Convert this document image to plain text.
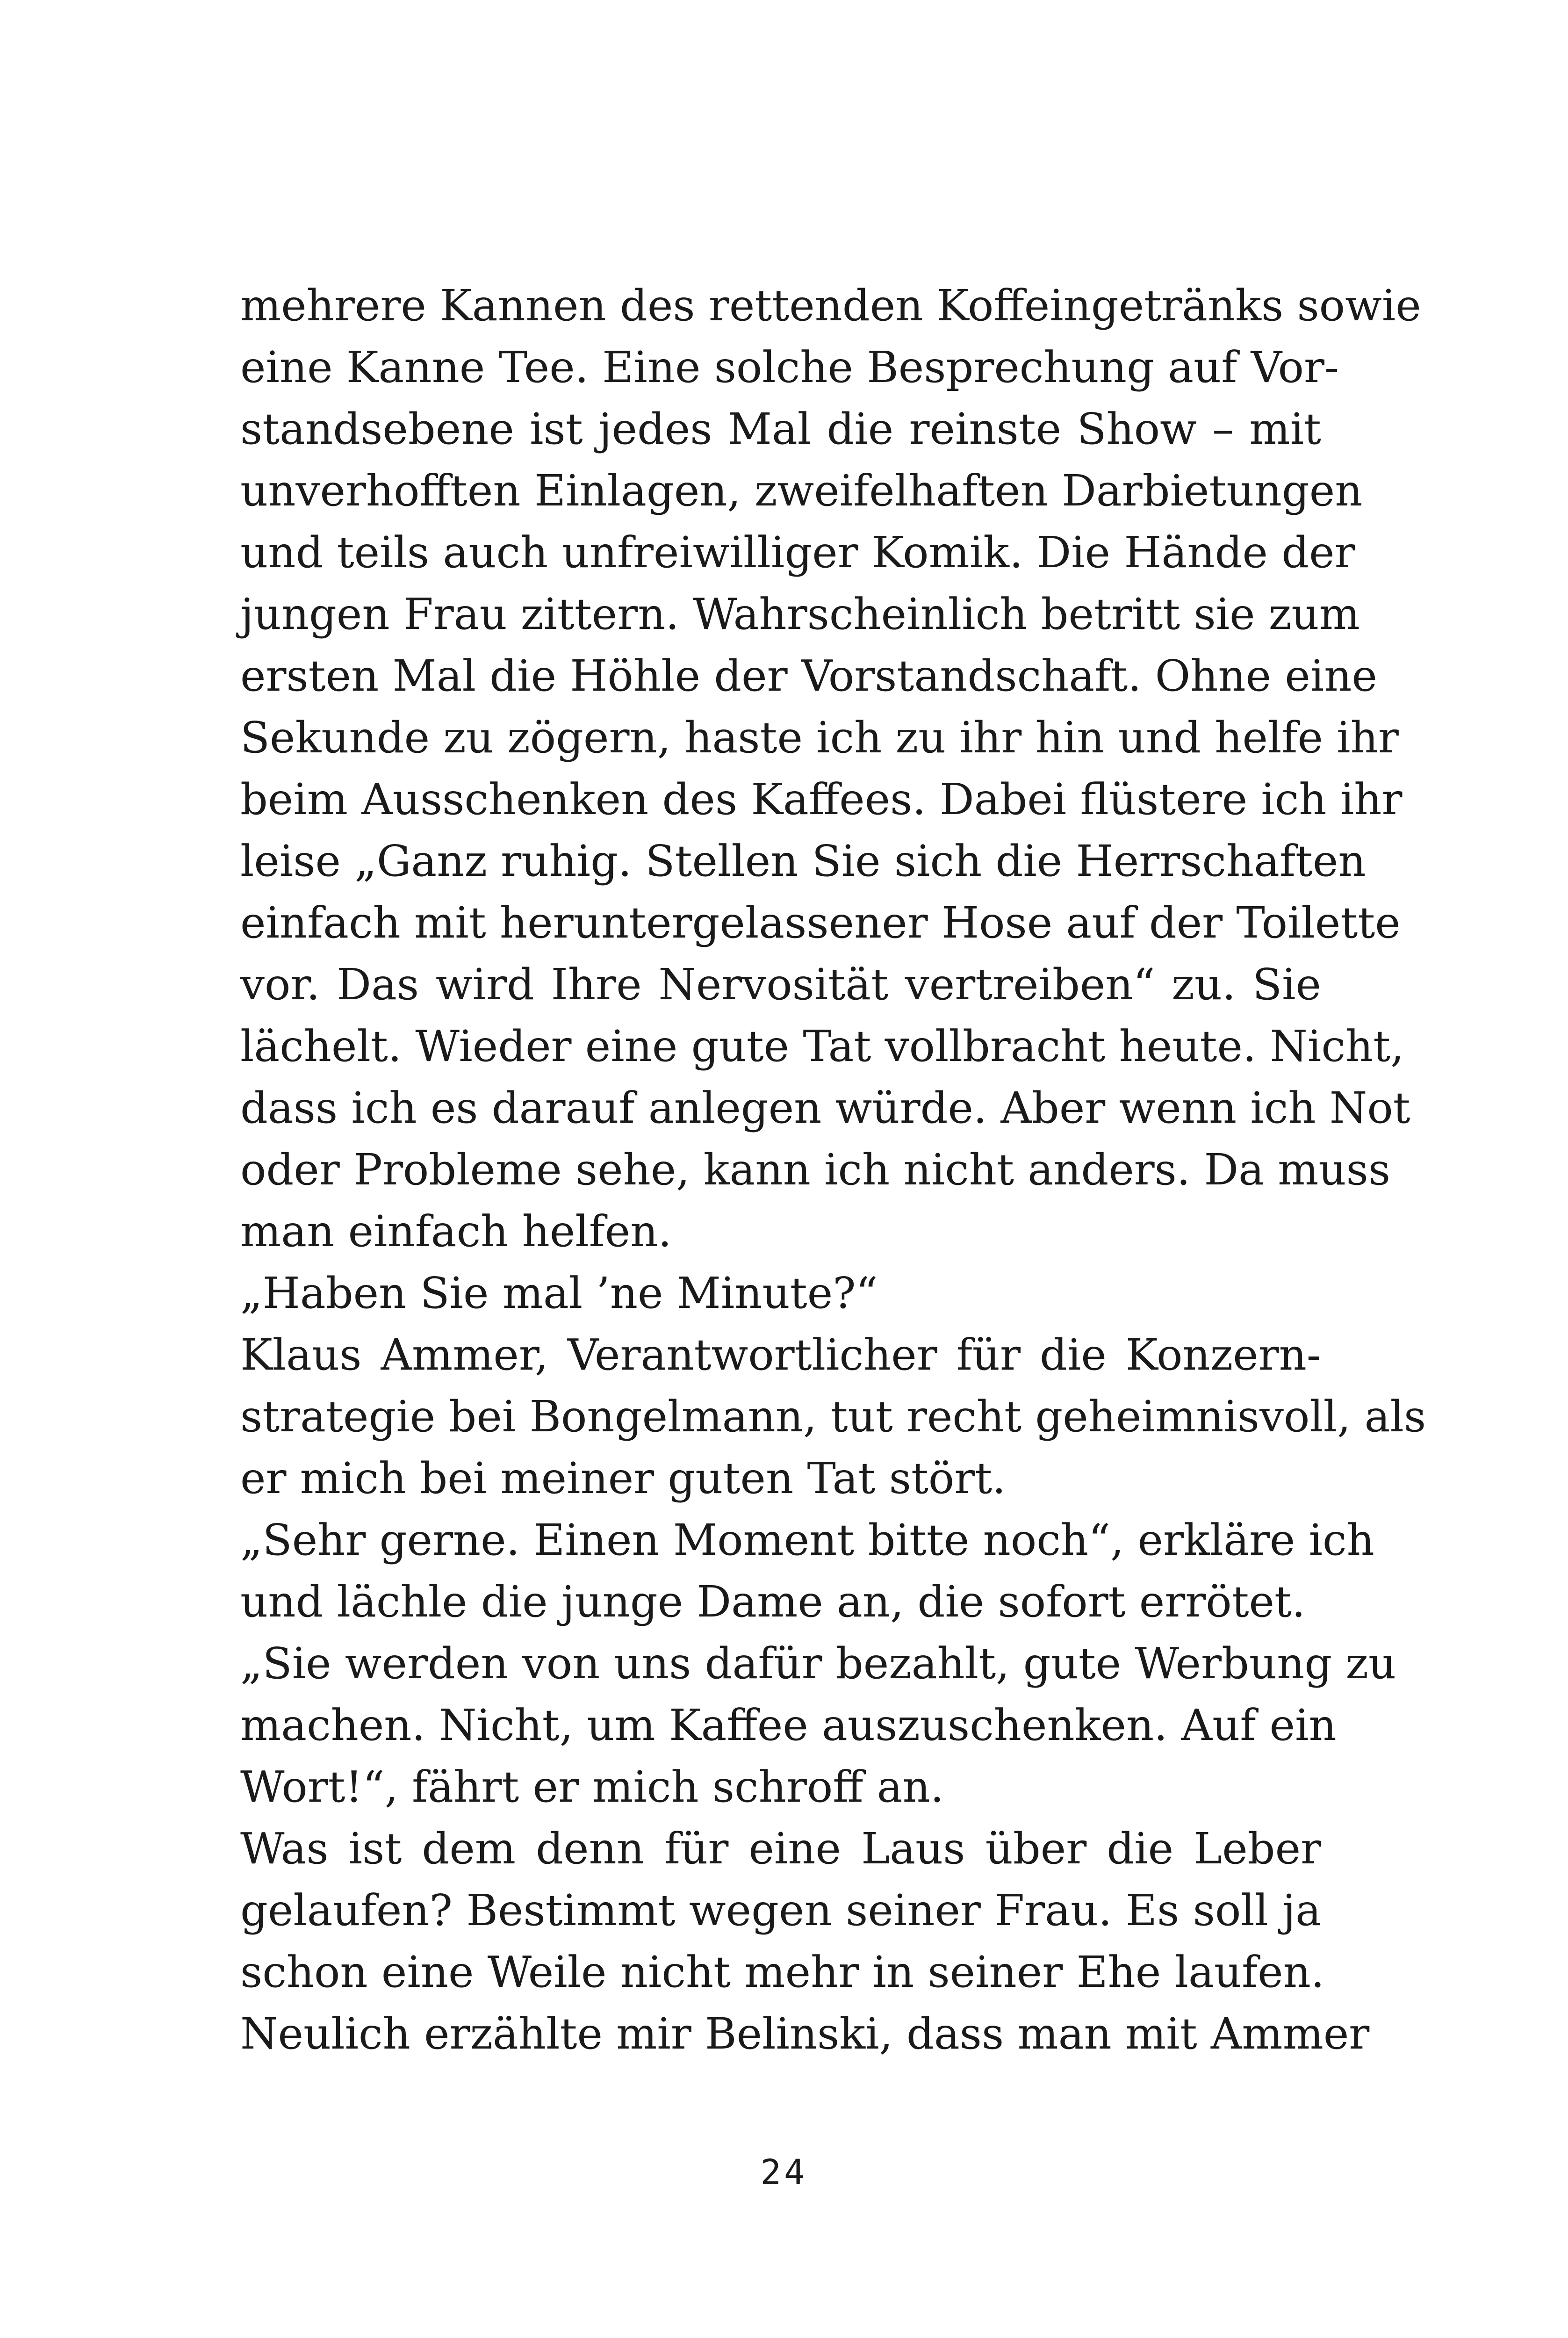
mehrere Kannen des rettenden Koffeingetränks sowie
eine Kanne Tee. Eine solche Besprechung auf Vor-
standsebene ist jedes Mal die reinste Show – mit
unverhofften Einlagen, zweifelhaften Darbietungen
und teils auch unfreiwilliger Komik. Die Hände der
jungen Frau zittern. Wahrscheinlich betritt sie zum
ersten Mal die Höhle der Vorstandschaft. Ohne eine
Sekunde zu zögern, haste ich zu ihr hin und helfe ihr
beim Ausschenken des Kaffees. Dabei flüstere ich ihr
leise „Ganz ruhig. Stellen Sie sich die Herrschaften
einfach mit heruntergelassener Hose auf der Toilette
vor. Das wird Ihre Nervosität vertreiben“ zu. Sie
lächelt. Wieder eine gute Tat vollbracht heute. Nicht,
dass ich es darauf anlegen würde. Aber wenn ich Not
oder Probleme sehe, kann ich nicht anders. Da muss
man einfach helfen.
„Haben Sie mal ’ne Minute?“
Klaus Ammer, Verantwortlicher für die Konzern-
strategie bei Bongelmann, tut recht geheimnisvoll, als
er mich bei meiner guten Tat stört.
„Sehr gerne. Einen Moment bitte noch“, erkläre ich
und lächle die junge Dame an, die sofort errötet.
„Sie werden von uns dafür bezahlt, gute Werbung zu
machen. Nicht, um Kaffee auszuschenken. Auf ein
Wort!“, fährt er mich schroff an.
Was ist dem denn für eine Laus über die Leber
gelaufen? Bestimmt wegen seiner Frau. Es soll ja
schon eine Weile nicht mehr in seiner Ehe laufen.
Neulich erzählte mir Belinski, dass man mit Ammer
24
